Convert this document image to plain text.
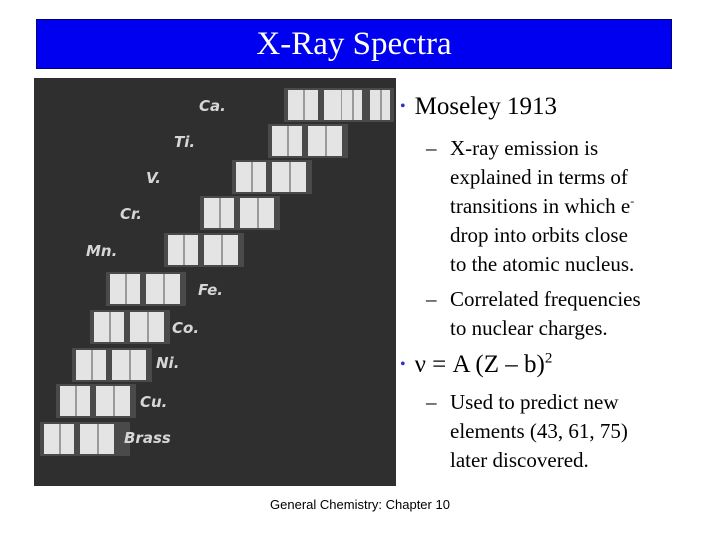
X-Ray Spectra
Ca.
Ti.
V.
Cr.
Mn.
Fe.
Co.
Ni.
Cu.
Brass
• Moseley 1913
– X-ray emission is
explained in terms of
transitions in which e-
drop into orbits close
to the atomic nucleus.
– Correlated frequencies
to nuclear charges.
• ν = A (Z – b)$^2$
– Used to predict new
elements (43, 61, 75)
later discovered.
General Chemistry: Chapter 10
